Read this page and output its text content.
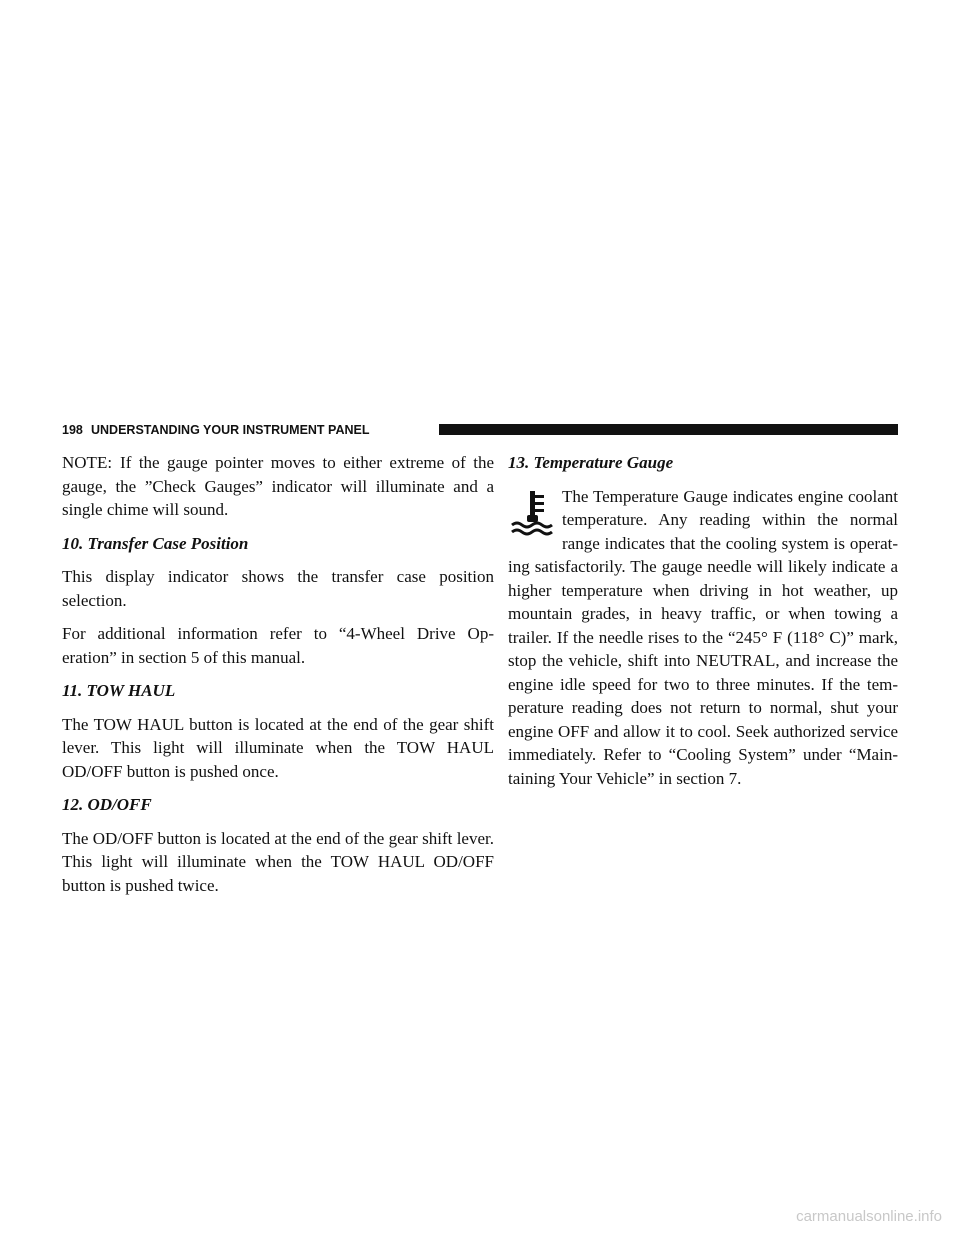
198 UNDERSTANDING YOUR INSTRUMENT PANEL

NOTE: If the gauge pointer moves to either extreme of the gauge, the ”Check Gauges” indicator will illuminate and a single chime will sound.

10. Transfer Case Position

This display indicator shows the transfer case position selection.

For additional information refer to “4-Wheel Drive Op-eration” in section 5 of this manual.

11. TOW HAUL

The TOW HAUL button is located at the end of the gear shift lever. This light will illuminate when the TOW HAUL OD/OFF button is pushed once.

12. OD/OFF

The OD/OFF button is located at the end of the gear shift lever. This light will illuminate when the TOW HAUL OD/OFF button is pushed twice.

13. Temperature Gauge

The Temperature Gauge indicates engine coolant temperature. Any reading within the normal range indicates that the cooling system is operat-ing satisfactorily. The gauge needle will likely indicate a higher temperature when driving in hot weather, up mountain grades, in heavy traffic, or when towing a trailer. If the needle rises to the “245° F (118° C)” mark, stop the vehicle, shift into NEUTRAL, and increase the engine idle speed for two to three minutes. If the tem-perature reading does not return to normal, shut your engine OFF and allow it to cool. Seek authorized service immediately. Refer to “Cooling System” under “Main-taining Your Vehicle” in section 7.

carmanualsonline.info
